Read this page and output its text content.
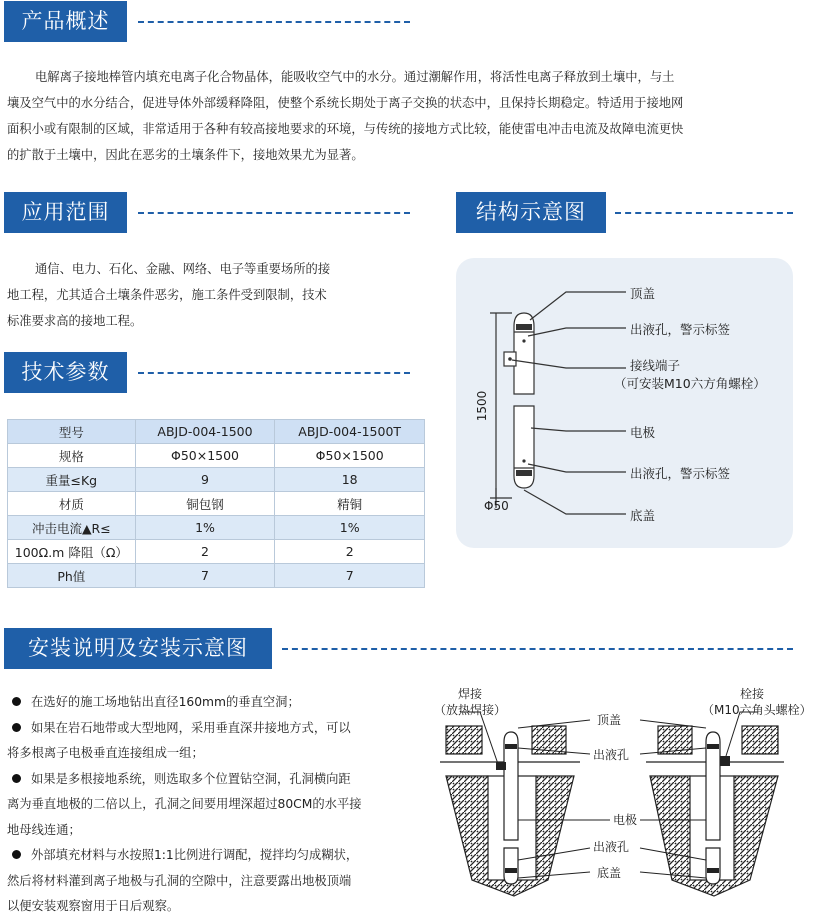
产品概述

电解离子接地棒管内填充电离子化合物晶体，能吸收空气中的水分。通过潮解作用，将活性电离子释放到土壤中，与土

壤及空气中的水分结合，促进导体外部缓释降阻，使整个系统长期处于离子交换的状态中，且保持长期稳定。特适用于接地网

面积小或有限制的区域，非常适用于各种有较高接地要求的环境，与传统的接地方式比较，能使雷电冲击电流及故障电流更快

的扩散于土壤中，因此在恶劣的土壤条件下，接地效果尤为显著。

应用范围

通信、电力、石化、金融、网络、电子等重要场所的接

地工程，尤其适合土壤条件恶劣，施工条件受到限制，技术

标准要求高的接地工程。

技术参数
型号	ABJD-004-1500	ABJD-004-1500T
规格	Φ50×1500	Φ50×1500
重量≤Kg	9	18
材质	铜包钢	精铜
冲击电流▲R≤	1%	1%
100Ω.m 降阻（Ω）	2	2
Ph值	7	7
结构示意图
1500
Φ50
顶盖
出液孔，警示标签
接线端子
（可安装M10六方角螺栓）
电极
出液孔，警示标签
底盖
安装说明及安装示意图

在选好的施工场地钻出直径160mm的垂直空洞；

如果在岩石地带或大型地网，采用垂直深井接地方式，可以

将多根离子电极垂直连接组成一组；

如果是多根接地系统，则选取多个位置钻空洞，孔洞横向距

离为垂直地极的二倍以上，孔洞之间要用埋深超过80CM的水平接

地母线连通；

外部填充材料与水按照1:1比例进行调配，搅拌均匀成糊状，

然后将材料灌到离子地极与孔洞的空隙中，注意要露出地极顶端

以便安装观察窗用于日后观察。

焊接
（放热焊接）
栓接
（M10六角头螺栓）
顶盖
出液孔
电极
出液孔
底盖
